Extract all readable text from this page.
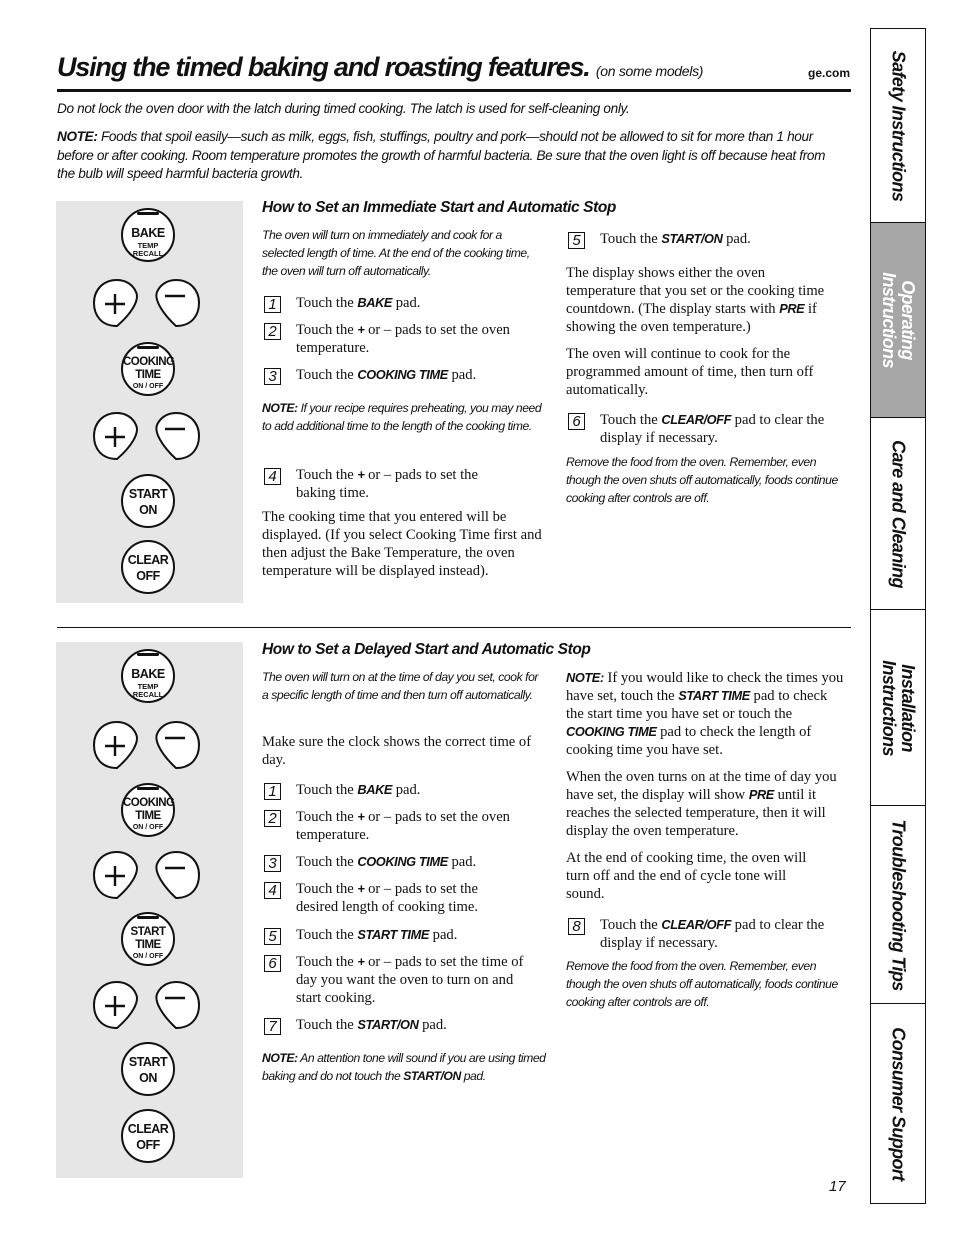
Using the timed baking and roasting features. (on some models)	ge.com

Do not lock the oven door with the latch during timed cooking. The latch is used for self-cleaning only.

NOTE: Foods that spoil easily—such as milk, eggs, fish, stuffings, poultry and pork—should not be allowed to sit for more than 1 hour before or after cooking. Room temperature promotes the growth of harmful bacteria. Be sure that the oven light is off because heat from the bulb will speed harmful bacteria growth.

BAKE
TEMP
RECALL
COOKING
TIME
ON / OFF
START
ON
CLEAR
OFF
How to Set an Immediate Start and Automatic Stop

The oven will turn on immediately and cook for a selected length of time. At the end of the cooking time, the oven will turn off automatically.

1 Touch the BAKE pad.

2 Touch the + or – pads to set the oven temperature.

3 Touch the COOKING TIME pad.

NOTE: If your recipe requires preheating, you may need to add additional time to the length of the cooking time.

4 Touch the + or – pads to set the baking time.

The cooking time that you entered will be displayed. (If you select Cooking Time first and then adjust the Bake Temperature, the oven temperature will be displayed instead).

5 Touch the START/ON pad.

The display shows either the oven temperature that you set or the cooking time countdown. (The display starts with PRE if showing the oven temperature.)

The oven will continue to cook for the programmed amount of time, then turn off automatically.

6 Touch the CLEAR/OFF pad to clear the display if necessary.

Remove the food from the oven. Remember, even though the oven shuts off automatically, foods continue cooking after controls are off.

BAKE
TEMP
RECALL
COOKING
TIME
ON / OFF
START
TIME
ON / OFF
START
ON
CLEAR
OFF
How to Set a Delayed Start and Automatic Stop

The oven will turn on at the time of day you set, cook for a specific length of time and then turn off automatically.

Make sure the clock shows the correct time of day.

1 Touch the BAKE pad.

2 Touch the + or – pads to set the oven temperature.

3 Touch the COOKING TIME pad.

4 Touch the + or – pads to set the desired length of cooking time.

5 Touch the START TIME pad.

6 Touch the + or – pads to set the time of day you want the oven to turn on and start cooking.

7 Touch the START/ON pad.

NOTE: An attention tone will sound if you are using timed baking and do not touch the START/ON pad.

NOTE: If you would like to check the times you have set, touch the START TIME pad to check the start time you have set or touch the COOKING TIME pad to check the length of cooking time you have set.

When the oven turns on at the time of day you have set, the display will show PRE until it reaches the selected temperature, then it will display the oven temperature.

At the end of cooking time, the oven will turn off and the end of cycle tone will sound.

8 Touch the CLEAR/OFF pad to clear the display if necessary.

Remove the food from the oven. Remember, even though the oven shuts off automatically, foods continue cooking after controls are off.

Safety Instructions
Operating Instructions
Care and Cleaning
Installation Instructions
Troubleshooting Tips
Consumer Support
17
